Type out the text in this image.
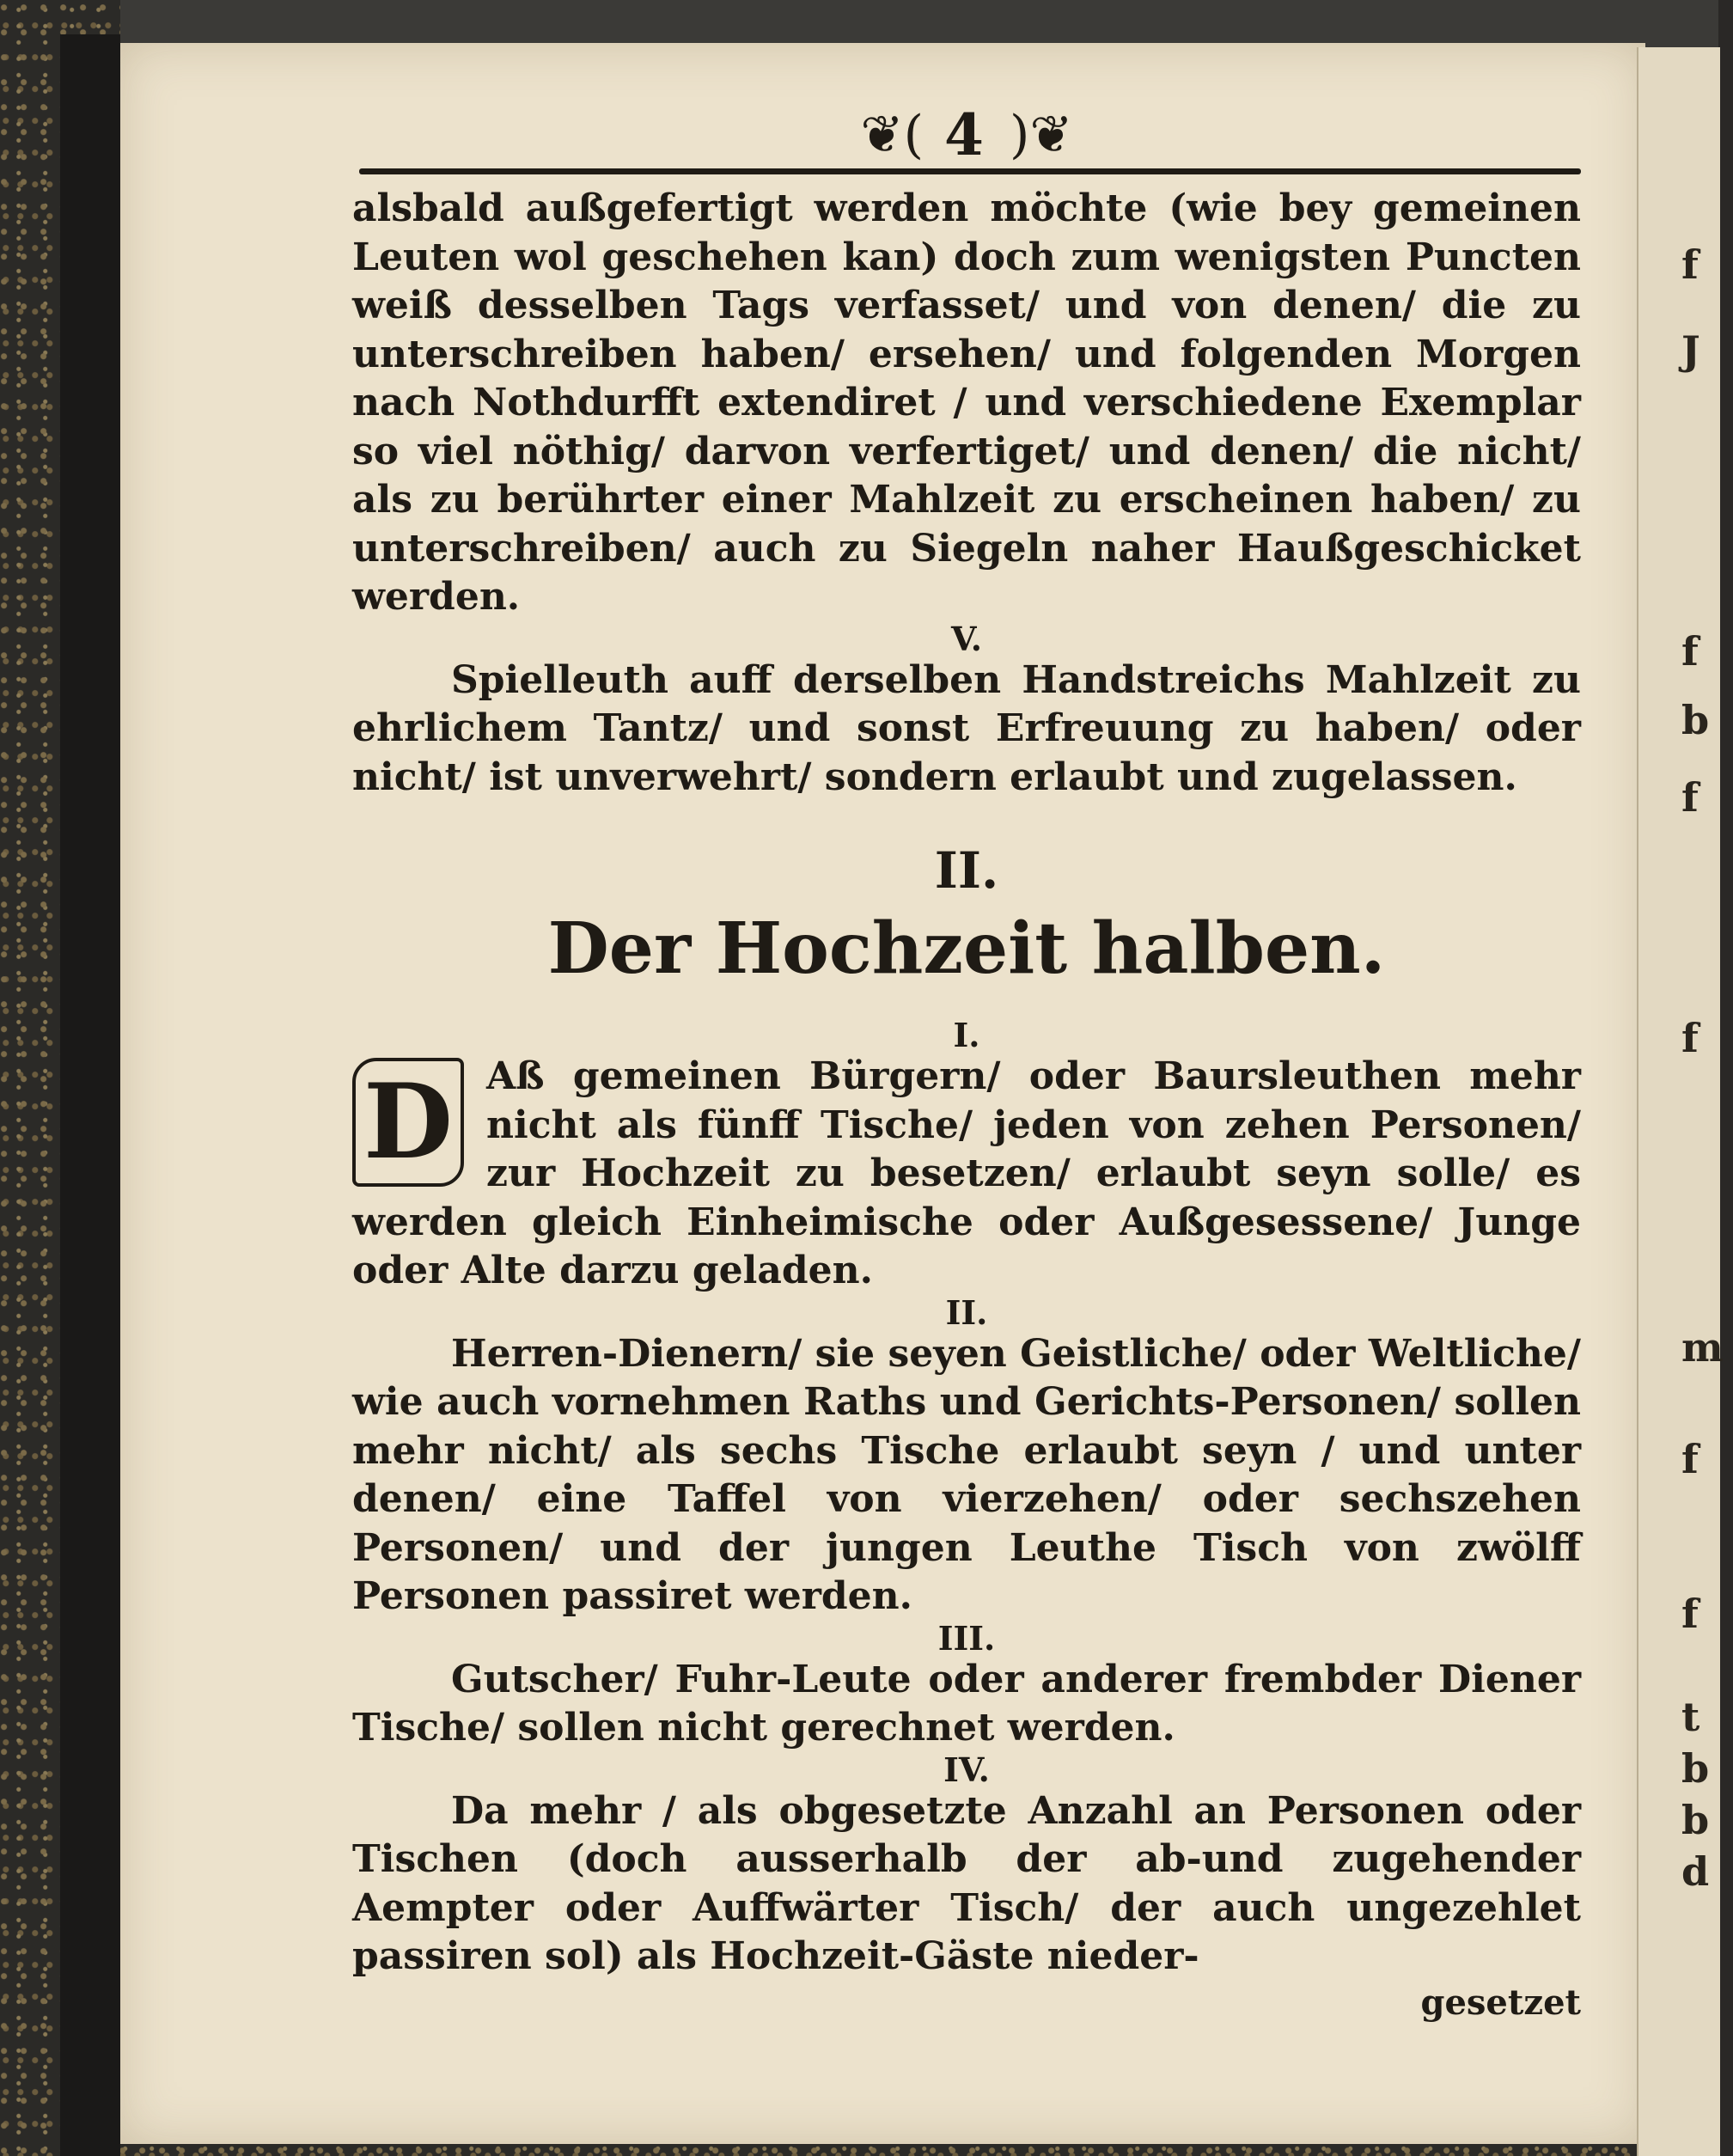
f
J
f
b
f
f
m
f
f
t
b
b
d
❦( 4 )❦

alsbald außgefertigt werden möchte (wie bey gemeinen Leuten wol geschehen kan) doch zum wenigsten Puncten weiß desselben Tags verfasset/ und von denen/ die zu unterschreiben haben/ ersehen/ und folgenden Morgen nach Nothdurfft extendiret / und verschiedene Exemplar so viel nöthig/ darvon verfertiget/ und denen/ die nicht/ als zu berührter einer Mahlzeit zu erscheinen haben/ zu unterschreiben/ auch zu Siegeln naher Haußgeschicket werden.

V.

Spielleuth auff derselben Handstreichs Mahlzeit zu ehrlichem Tantz/ und sonst Erfreuung zu haben/ oder nicht/ ist unverwehrt/ sondern erlaubt und zugelassen.

II.

Der Hochzeit halben.

I.

D Aß gemeinen Bürgern/ oder Baursleuthen mehr nicht als fünff Tische/ jeden von zehen Personen/ zur Hochzeit zu besetzen/ erlaubt seyn solle/ es werden gleich Einheimische oder Außgesessene/ Junge oder Alte darzu geladen.

II.

Herren-Dienern/ sie seyen Geistliche/ oder Weltliche/ wie auch vornehmen Raths und Gerichts-Personen/ sollen mehr nicht/ als sechs Tische erlaubt seyn / und unter denen/ eine Taffel von vierzehen/ oder sechszehen Personen/ und der jungen Leuthe Tisch von zwölff Personen passiret werden.

III.

Gutscher/ Fuhr-Leute oder anderer frembder Diener Tische/ sollen nicht gerechnet werden.

IV.

Da mehr / als obgesetzte Anzahl an Personen oder Tischen (doch ausserhalb der ab-und zugehender Aempter oder Auffwärter Tisch/ der auch ungezehlet passiren sol) als Hochzeit-Gäste nieder-

gesetzet
